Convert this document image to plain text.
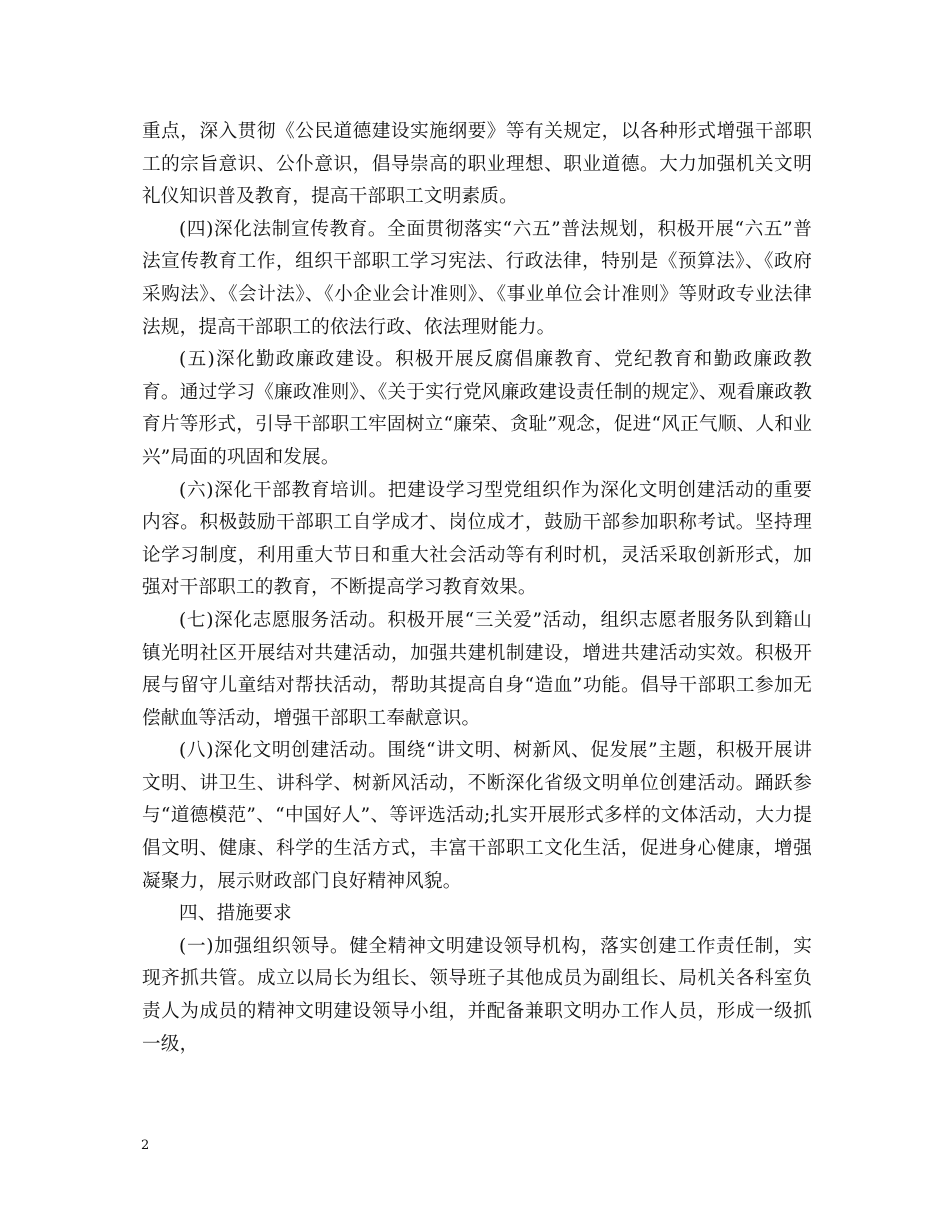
重点，深入贯彻《公民道德建设实施纲要》等有关规定，以各种形式增强干部职工的宗旨意识、公仆意识，倡导崇高的职业理想、职业道德。大力加强机关文明礼仪知识普及教育，提高干部职工文明素质。

(四)深化法制宣传教育。全面贯彻落实“六五”普法规划，积极开展“六五”普法宣传教育工作，组织干部职工学习宪法、行政法律，特别是《预算法》、《政府采购法》、《会计法》、《小企业会计准则》、《事业单位会计准则》等财政专业法律法规，提高干部职工的依法行政、依法理财能力。

(五)深化勤政廉政建设。积极开展反腐倡廉教育、党纪教育和勤政廉政教育。通过学习《廉政准则》、《关于实行党风廉政建设责任制的规定》、观看廉政教育片等形式，引导干部职工牢固树立“廉荣、贪耻”观念，促进“风正气顺、人和业兴”局面的巩固和发展。

(六)深化干部教育培训。把建设学习型党组织作为深化文明创建活动的重要内容。积极鼓励干部职工自学成才、岗位成才，鼓励干部参加职称考试。坚持理论学习制度，利用重大节日和重大社会活动等有利时机，灵活采取创新形式，加强对干部职工的教育，不断提高学习教育效果。

(七)深化志愿服务活动。积极开展“三关爱”活动，组织志愿者服务队到籍山镇光明社区开展结对共建活动，加强共建机制建设，增进共建活动实效。积极开展与留守儿童结对帮扶活动，帮助其提高自身“造血”功能。倡导干部职工参加无偿献血等活动，增强干部职工奉献意识。

(八)深化文明创建活动。围绕“讲文明、树新风、促发展”主题，积极开展讲文明、讲卫生、讲科学、树新风活动，不断深化省级文明单位创建活动。踊跃参与“道德模范”、“中国好人”、等评选活动;扎实开展形式多样的文体活动，大力提倡文明、健康、科学的生活方式，丰富干部职工文化生活，促进身心健康，增强凝聚力，展示财政部门良好精神风貌。

四、措施要求

(一)加强组织领导。健全精神文明建设领导机构，落实创建工作责任制，实现齐抓共管。成立以局长为组长、领导班子其他成员为副组长、局机关各科室负责人为成员的精神文明建设领导小组，并配备兼职文明办工作人员，形成一级抓一级，

2
